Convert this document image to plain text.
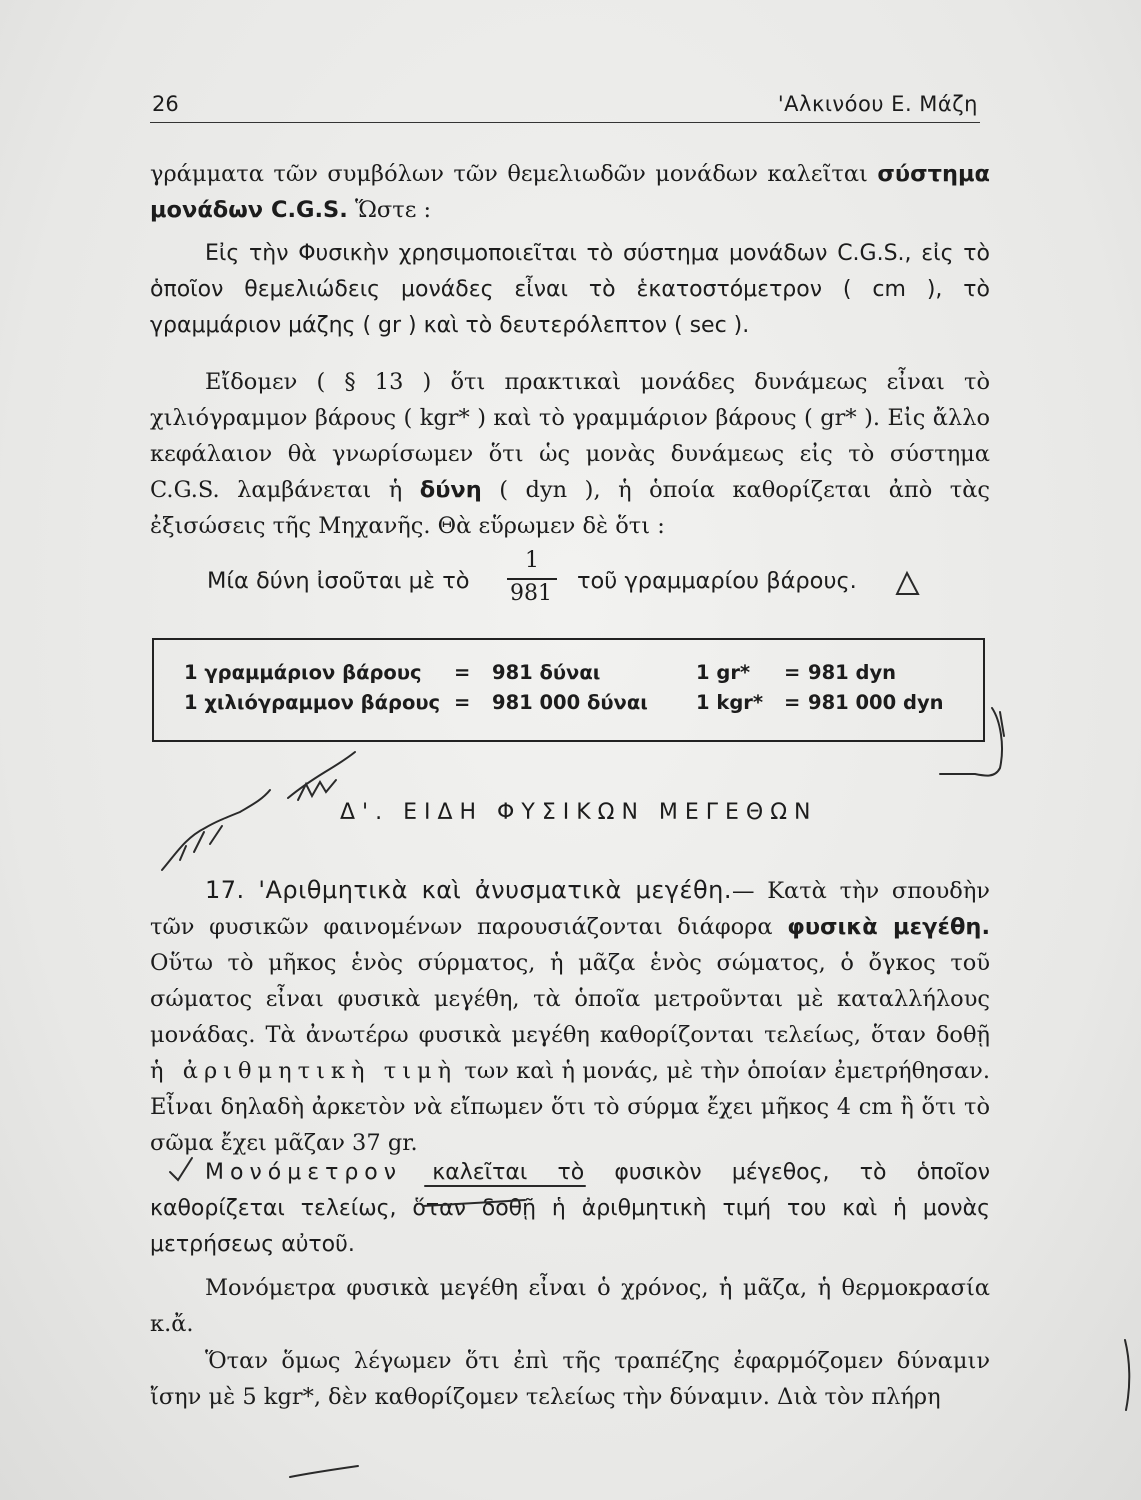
26	'Αλκινόου Ε. Μάζη

γράμματα τῶν συμβόλων τῶν θεμελιωδῶν μονάδων καλεῖται σύστημα μονάδων C.G.S. Ὥστε :

Εἰς τὴν Φυσικὴν χρησιμοποιεῖται τὸ σύστημα μονάδων C.G.S., εἰς τὸ ὁποῖον θεμελιώδεις μονάδες εἶναι τὸ ἑκατοστόμετρον ( cm ), τὸ γραμμάριον μάζης ( gr ) καὶ τὸ δευτερόλεπτον ( sec ).

Εἴδομεν ( § 13 ) ὅτι πρακτικαὶ μονάδες δυνάμεως εἶναι τὸ χιλιόγραμμον βάρους ( kgr* ) καὶ τὸ γραμμάριον βάρους ( gr* ). Εἰς ἄλλο κεφάλαιον θὰ γνωρίσωμεν ὅτι ὡς μονὰς δυνάμεως εἰς τὸ σύστημα C.G.S. λαμβάνεται ἡ δύνη ( dyn ), ἡ ὁποία καθορίζεται ἀπὸ τὰς ἐξισώσεις τῆς Μηχανῆς. Θὰ εὕρωμεν δὲ ὅτι :

Μία δύνη ἰσοῦται μὲ τὸ
1
981 τοῦ γραμμαρίου βάρους.
1 γραμμάριον βάρους = 981 δύναι	1 gr* = 981 dyn
1 χιλιόγραμμον βάρους = 981 000 δύναι 1 kgr* = 981 000 dyn
Δ'. ΕΙΔΗ ΦΥΣΙΚΩΝ ΜΕΓΕΘΩΝ

17. 'Αριθμητικὰ καὶ ἀνυσματικὰ μεγέθη.— Κατὰ τὴν σπουδὴν τῶν φυσικῶν φαινομένων παρουσιάζονται διάφορα φυσικὰ μεγέθη. Οὕτω τὸ μῆκος ἑνὸς σύρματος, ἡ μᾶζα ἑνὸς σώματος, ὁ ὄγκος τοῦ σώματος εἶναι φυσικὰ μεγέθη, τὰ ὁποῖα μετροῦνται μὲ καταλλήλους μονάδας. Τὰ ἀνωτέρω φυσικὰ μεγέθη καθορίζονται τελείως, ὅταν δοθῇ ἡ ἀριθμητικὴ τιμὴ των καὶ ἡ μονάς, μὲ τὴν ὁποίαν ἐμετρήθησαν. Εἶναι δηλαδὴ ἀρκετὸν νὰ εἴπωμεν ὅτι τὸ σύρμα ἔχει μῆκος 4 cm ἢ ὅτι τὸ σῶμα ἔχει μᾶζαν 37 gr.

Μονόμετρον καλεῖται τὸ φυσικὸν μέγεθος, τὸ ὁποῖον καθορίζεται τελείως, ὅταν δοθῇ ἡ ἀριθμητικὴ τιμή του καὶ ἡ μονὰς μετρήσεως αὐτοῦ.

Μονόμετρα φυσικὰ μεγέθη εἶναι ὁ χρόνος, ἡ μᾶζα, ἡ θερμοκρασία κ.ἄ.

Ὅταν ὅμως λέγωμεν ὅτι ἐπὶ τῆς τραπέζης ἐφαρμόζομεν δύναμιν ἴσην μὲ 5 kgr*, δὲν καθορίζομεν τελείως τὴν δύναμιν. Διὰ τὸν πλήρη
